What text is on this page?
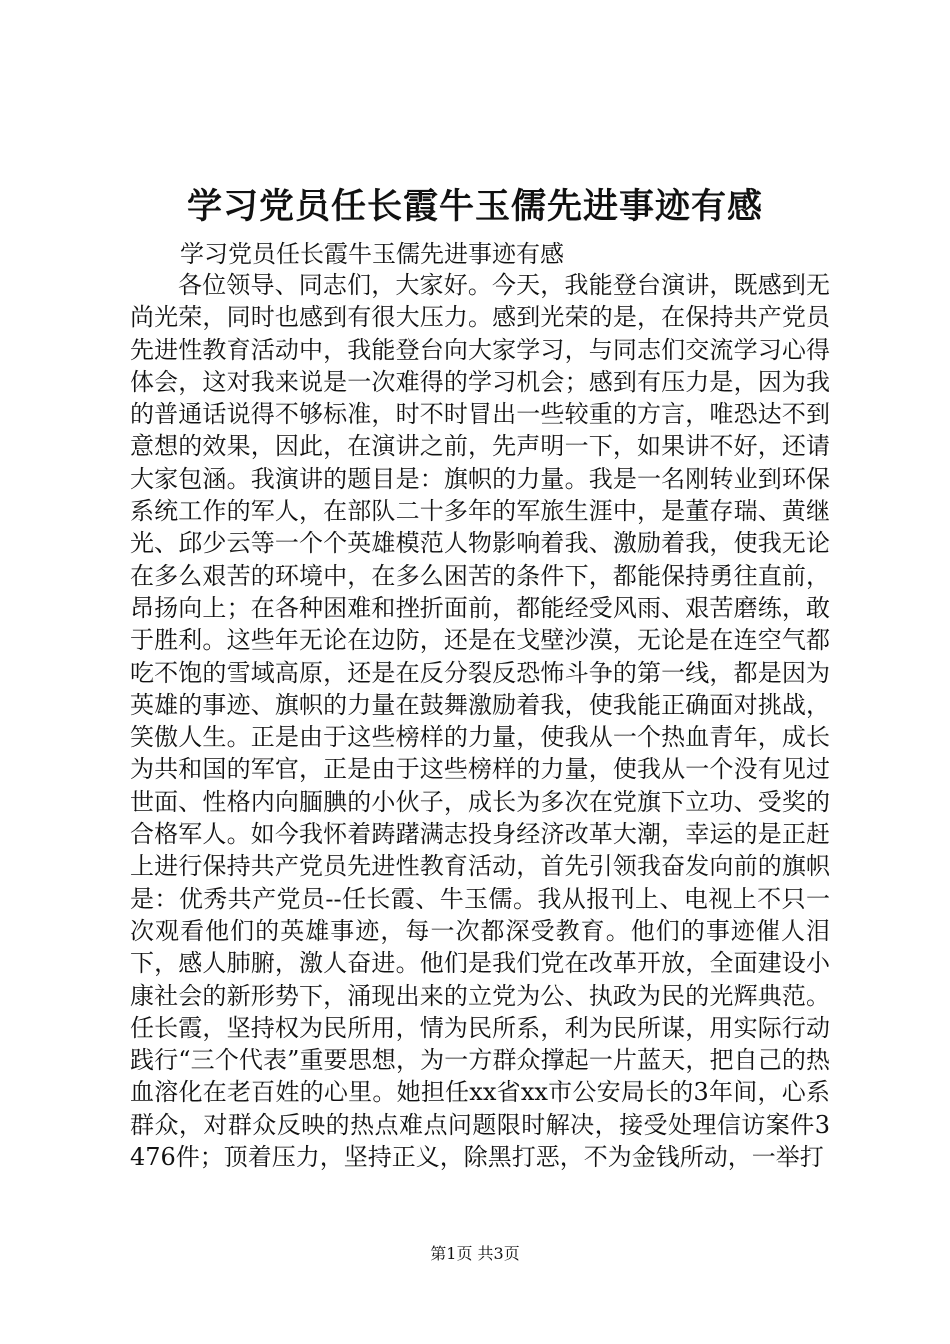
学习党员任长霞牛玉儒先进事迹有感

学习党员任长霞牛玉儒先进事迹有感

各位领导、同志们，大家好。今天，我能登台演讲，既感到无尚光荣，同时也感到有很大压力。感到光荣的是，在保持共产党员先进性教育活动中，我能登台向大家学习，与同志们交流学习心得体会，这对我来说是一次难得的学习机会；感到有压力是，因为我的普通话说得不够标准，时不时冒出一些较重的方言，唯恐达不到意想的效果，因此，在演讲之前，先声明一下，如果讲不好，还请大家包涵。我演讲的题目是：旗帜的力量。我是一名刚转业到环保系统工作的军人，在部队二十多年的军旅生涯中，是董存瑞、黄继光、邱少云等一个个英雄模范人物影响着我、激励着我，使我无论在多么艰苦的环境中，在多么困苦的条件下，都能保持勇往直前，昂扬向上；在各种困难和挫折面前，都能经受风雨、艰苦磨练，敢于胜利。这些年无论在边防，还是在戈壁沙漠，无论是在连空气都吃不饱的雪域高原，还是在反分裂反恐怖斗争的第一线，都是因为英雄的事迹、旗帜的力量在鼓舞激励着我，使我能正确面对挑战，笑傲人生。正是由于这些榜样的力量，使我从一个热血青年，成长为共和国的军官，正是由于这些榜样的力量，使我从一个没有见过世面、性格内向腼腆的小伙子，成长为多次在党旗下立功、受奖的合格军人。如今我怀着踌躇满志投身经济改革大潮，幸运的是正赶上进行保持共产党员先进性教育活动，首先引领我奋发向前的旗帜是：优秀共产党员--任长霞、牛玉儒。我从报刊上、电视上不只一次观看他们的英雄事迹，每一次都深受教育。他们的事迹催人泪下，感人肺腑，激人奋进。他们是我们党在改革开放，全面建设小康社会的新形势下，涌现出来的立党为公、执政为民的光辉典范。任长霞，坚持权为民所用，情为民所系，利为民所谋，用实际行动践行“三个代表”重要思想，为一方群众撑起一片蓝天，把自己的热血溶化在老百姓的心里。她担任xx省xx市公安局长的3年间，心系群众，对群众反映的热点难点问题限时解决，接受处理信访案件3476件；顶着压力，坚持正义，除黑打恶，不为金钱所动，一举打

第1页 共3页
